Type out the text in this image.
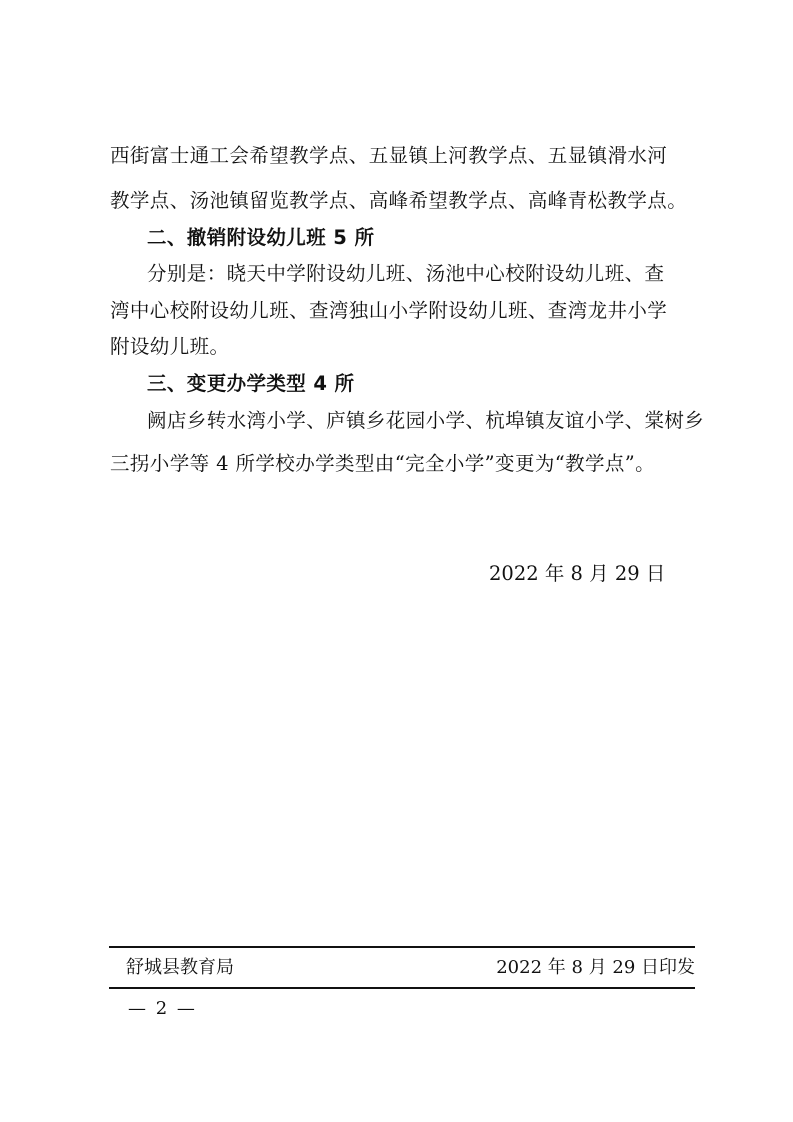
西街富士通工会希望教学点、五显镇上河教学点、五显镇滑水河
教学点、汤池镇留览教学点、高峰希望教学点、高峰青松教学点。
二、撤销附设幼儿班 5 所
分别是：晓天中学附设幼儿班、汤池中心校附设幼儿班、查
湾中心校附设幼儿班、查湾独山小学附设幼儿班、查湾龙井小学
附设幼儿班。
三、变更办学类型 4 所
阙店乡转水湾小学、庐镇乡花园小学、杭埠镇友谊小学、棠树乡
三拐小学等 4 所学校办学类型由“完全小学”变更为“教学点”。
2022 年 8 月 29 日
舒城县教育局	2022 年 8 月 29 日印发
— 2 —
